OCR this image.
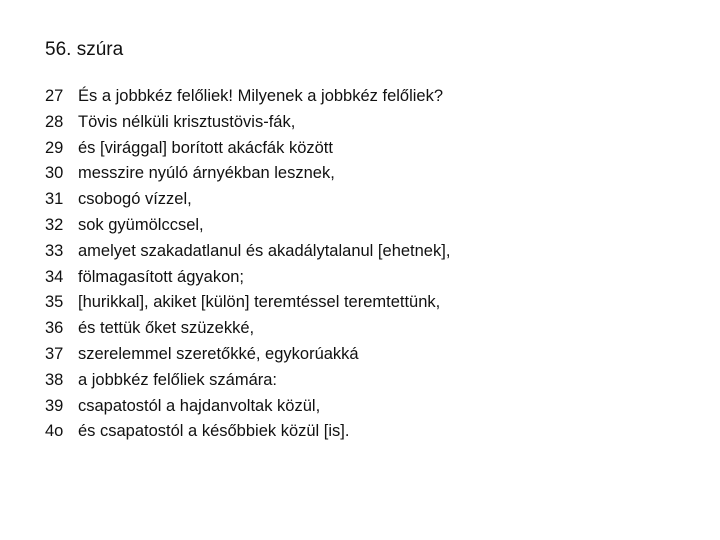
56. szúra
27 És a jobbkéz felőliek! Milyenek a jobbkéz felőliek?
28 Tövis nélküli krisztustövis-fák,
29 és [virággal] borított akácfák között
30 messzire nyúló árnyékban lesznek,
31 csobogó vízzel,
32 sok gyümölccsel,
33 amelyet szakadatlanul és akadálytalanul [ehetnek],
34 fölmagasított ágyakon;
35 [hurikkal], akiket [külön] teremtéssel teremtettünk,
36 és tettük őket szüzekké,
37 szerelemmel szeretőkké, egykorúakká
38 a jobbkéz felőliek számára:
39 csapatostól a hajdanvoltak közül,
4o és csapatostól a későbbiek közül [is].
